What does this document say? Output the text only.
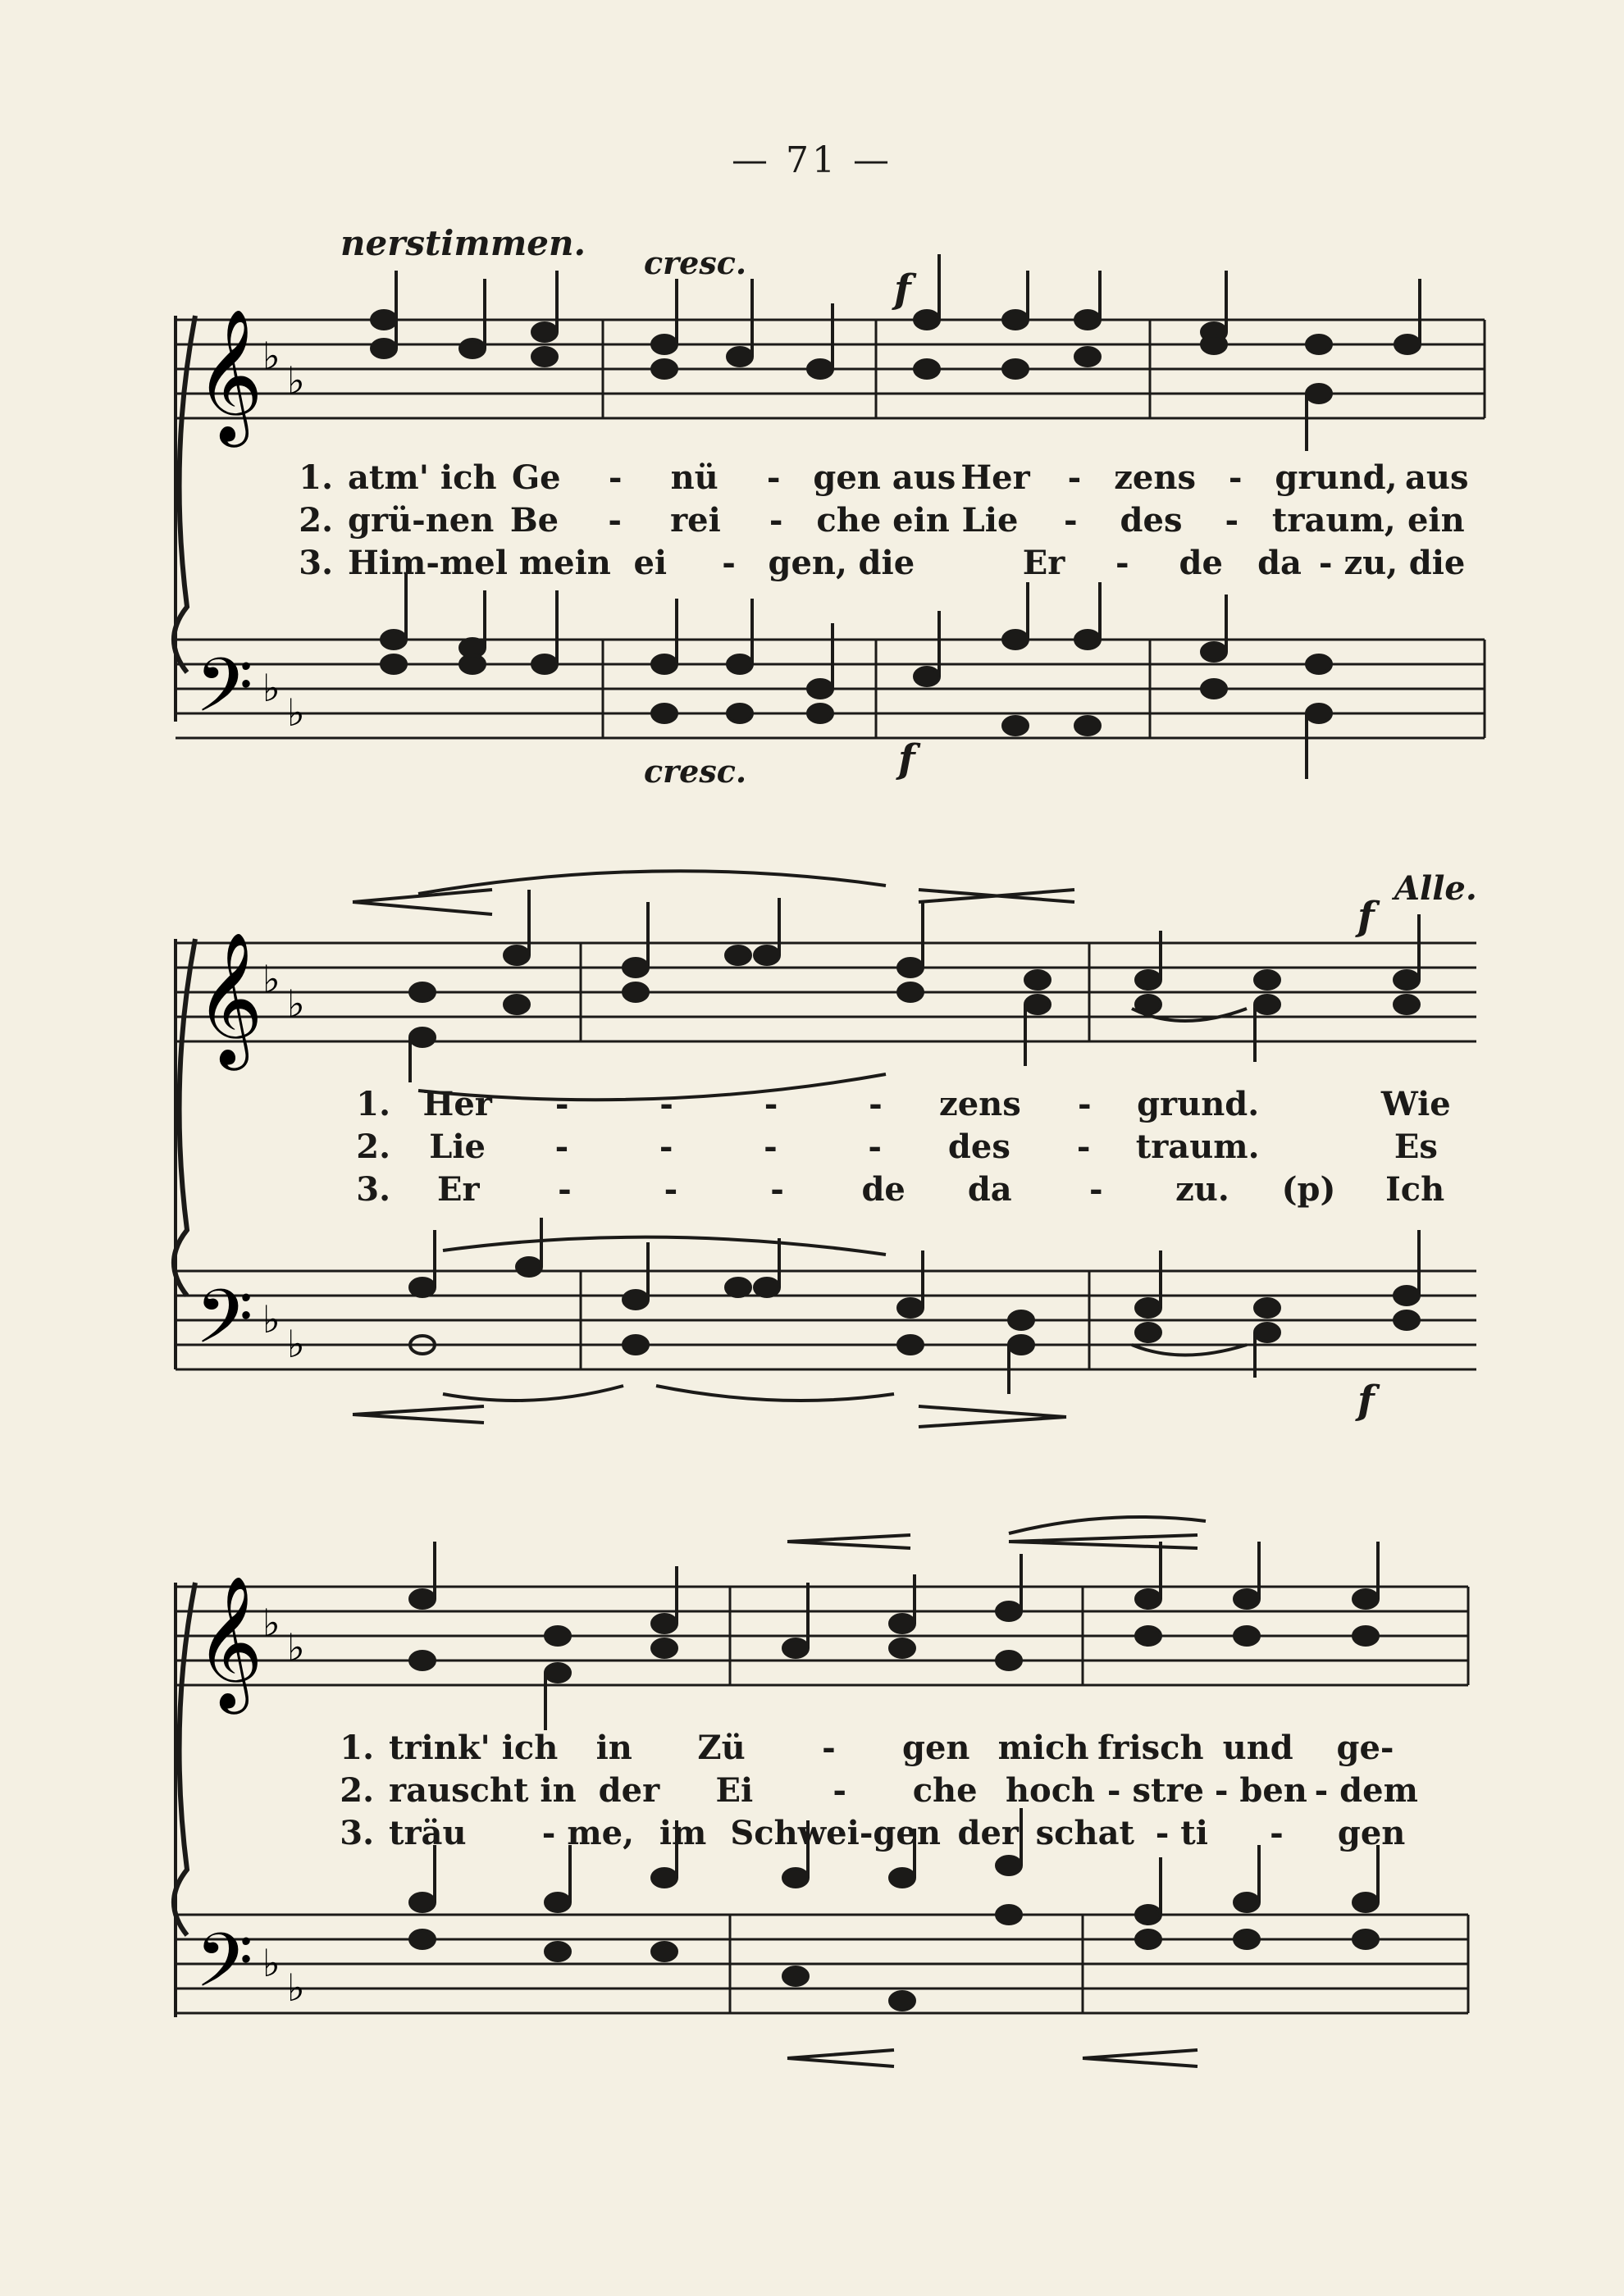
— 71 —
nerstimmen. cresc.
f
cresc.	f
𝄞
𝄢
♭
♭
♭
♭
1. atm' ich Ge	-	nü	- gen aus Her	- zens - grund, aus
2. grü-nen Be	-	rei	-	che ein Lie	-	des	-	traum, ein
3. Him-mel mein ei	- gen, die	Er	-	de	da - zu, die
f
Alle.
f
𝄞
𝄢
♭
♭
♭
♭
1. Her	-	-	-	-	zens	-	grund.	Wie
2.	Lie	-	-	-	-	des	-	traum.	Es
3.	Er	-	-	-	de	da	-	zu.	(p)	Ich
𝄞
𝄢
♭
♭
♭
♭
1. trink' ich	in	Zü	-	gen mich frisch und	ge-
2. rauscht in der	Ei	-	che hoch - stre - ben - dem
3. träu	- me, im Schwei-gen der schat - ti	-	gen
